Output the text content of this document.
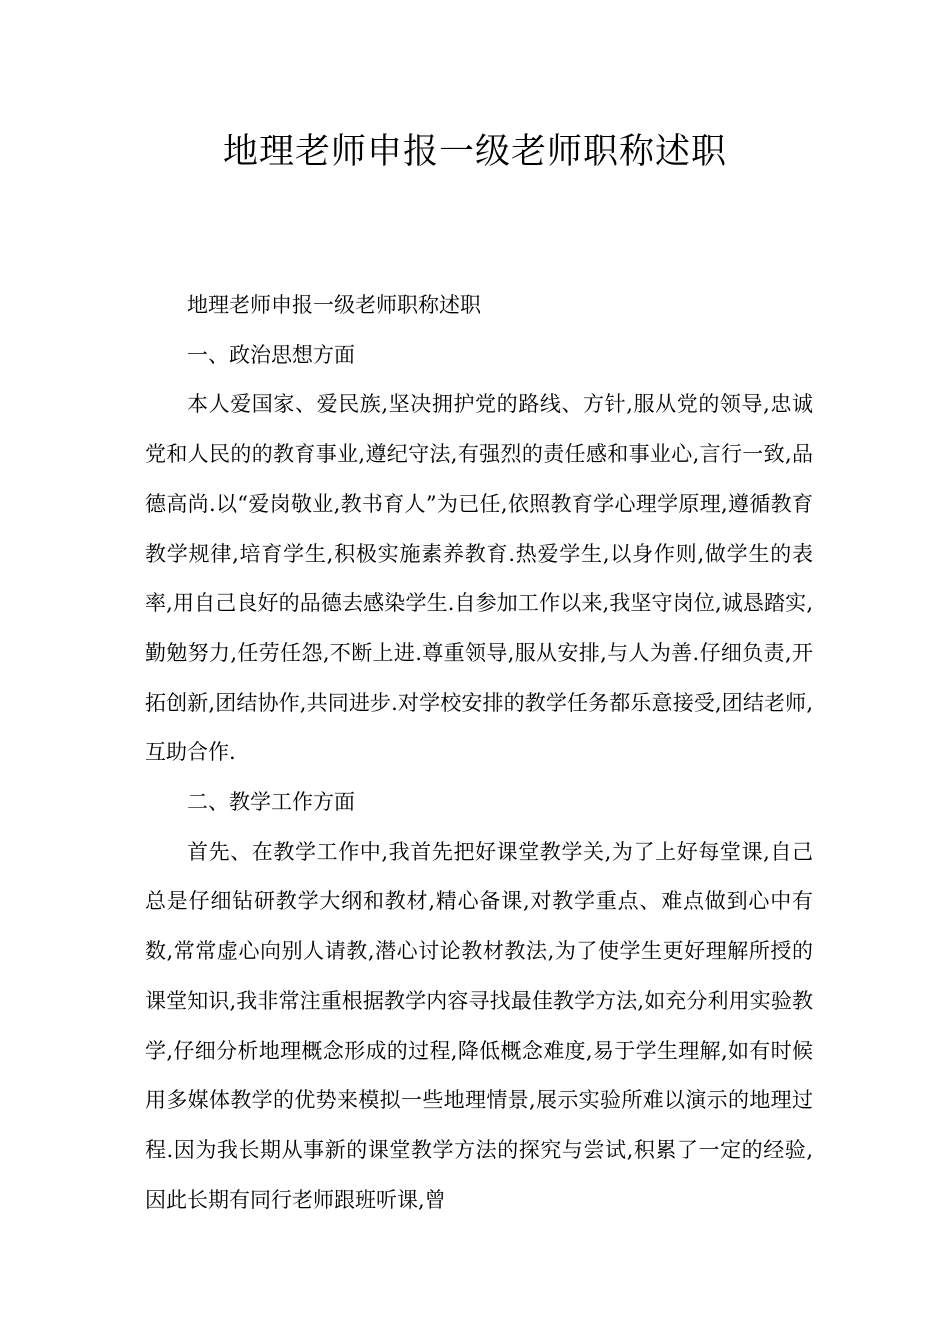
地理老师申报一级老师职称述职

地理老师申报一级老师职称述职

一、政治思想方面

本人爱国家、爱民族,坚决拥护党的路线、方针,服从党的领导,忠诚党和人民的的教育事业,遵纪守法,有强烈的责任感和事业心,言行一致,品德高尚.以“爱岗敬业,教书育人”为已任,依照教育学心理学原理,遵循教育教学规律,培育学生,积极实施素养教育.热爱学生,以身作则,做学生的表率,用自己良好的品德去感染学生.自参加工作以来,我坚守岗位,诚恳踏实,勤勉努力,任劳任怨,不断上进.尊重领导,服从安排,与人为善.仔细负责,开拓创新,团结协作,共同进步.对学校安排的教学任务都乐意接受,团结老师,互助合作.

二、教学工作方面

首先、在教学工作中,我首先把好课堂教学关,为了上好每堂课,自己总是仔细钻研教学大纲和教材,精心备课,对教学重点、难点做到心中有数,常常虚心向别人请教,潜心讨论教材教法,为了使学生更好理解所授的课堂知识,我非常注重根据教学内容寻找最佳教学方法,如充分利用实验教学,仔细分析地理概念形成的过程,降低概念难度,易于学生理解,如有时候用多媒体教学的优势来模拟一些地理情景,展示实验所难以演示的地理过程.因为我长期从事新的课堂教学方法的探究与尝试,积累了一定的经验,因此长期有同行老师跟班听课,曾
